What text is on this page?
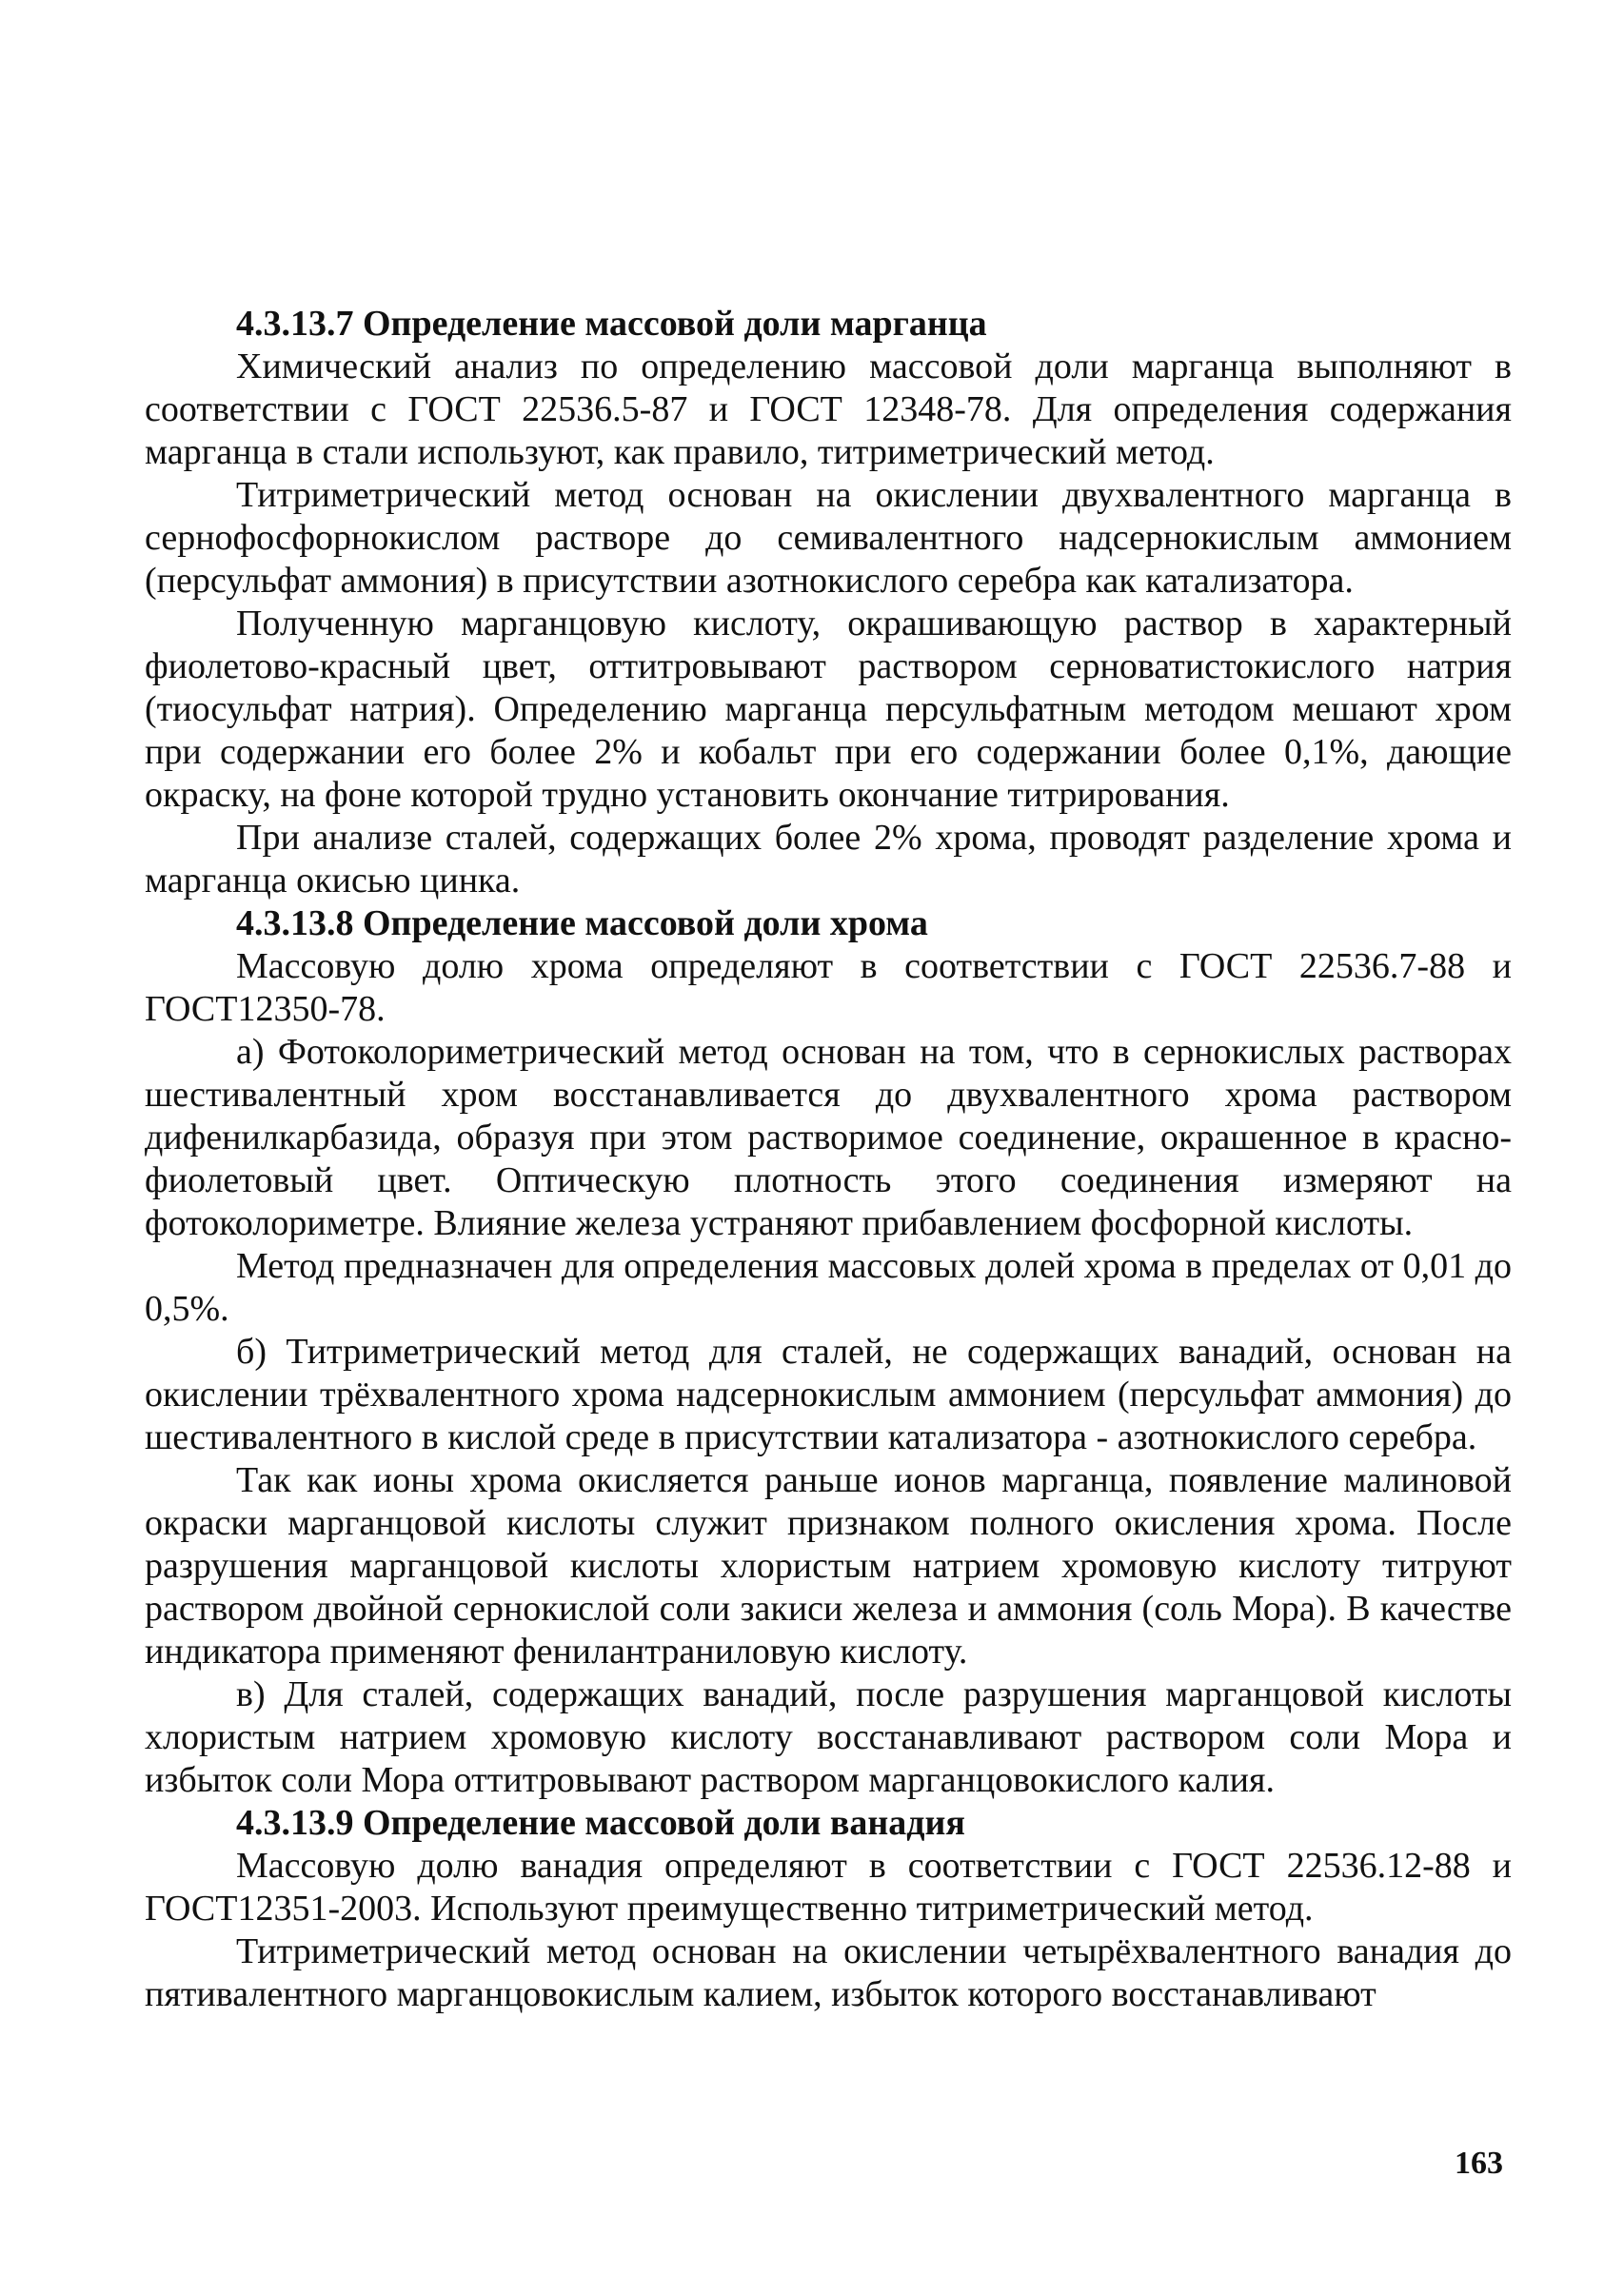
4.3.13.7 Определение массовой доли марганца

Химический анализ по определению массовой доли марганца выполняют в соответствии с ГОСТ 22536.5-87 и ГОСТ 12348-78. Для определения содержания марганца в стали используют, как правило, титриметрический метод.

Титриметрический метод основан на окислении двухвалентного марганца в сернофосфорнокислом растворе до семивалентного надсернокислым аммонием (персульфат аммония) в присутствии азотнокислого серебра как катализатора.

Полученную марганцовую кислоту, окрашивающую раствор в характерный фиолетово-красный цвет, оттитровывают раствором серноватистокислого натрия (тиосульфат натрия). Определению марганца персульфатным методом мешают хром при содержании его более 2% и кобальт при его содержании более 0,1%, дающие окраску, на фоне которой трудно установить окончание титрирования.

При анализе сталей, содержащих более 2% хрома, проводят разделение хрома и марганца окисью цинка.

4.3.13.8 Определение массовой доли хрома

Массовую долю хрома определяют в соответствии с ГОСТ 22536.7-88 и ГОСТ12350-78.

а) Фотоколориметрический метод основан на том, что в сернокислых растворах шестивалентный хром восстанавливается до двухвалентного хрома раствором дифенилкарбазида, образуя при этом растворимое соединение, окрашенное в красно-фиолетовый цвет. Оптическую плотность этого соединения измеряют на фотоколориметре. Влияние железа устраняют прибавлением фосфорной кислоты.

Метод предназначен для определения массовых долей хрома в пределах от 0,01 до 0,5%.

б) Титриметрический метод для сталей, не содержащих ванадий, основан на окислении трёхвалентного хрома надсернокислым аммонием (персульфат аммония) до шестивалентного в кислой среде в присутствии катализатора - азотнокислого серебра.

Так как ионы хрома окисляется раньше ионов марганца, появление малиновой окраски марганцовой кислоты служит признаком полного окисления хрома. После разрушения марганцовой кислоты хлористым натрием хромовую кислоту титруют раствором двойной сернокислой соли закиси железа и аммония (соль Мора). В качестве индикатора применяют фенилантраниловую кислоту.

в) Для сталей, содержащих ванадий, после разрушения марганцовой кислоты хлористым натрием хромовую кислоту восстанавливают раствором соли Мора и избыток соли Мора оттитровывают раствором марганцовокислого калия.

4.3.13.9 Определение массовой доли ванадия

Массовую долю ванадия определяют в соответствии с ГОСТ 22536.12-88 и ГОСТ12351-2003. Используют преимущественно титриметрический метод.

Титриметрический метод основан на окислении четырёхвалентного ванадия до пятивалентного марганцовокислым калием, избыток которого восстанавливают

163
